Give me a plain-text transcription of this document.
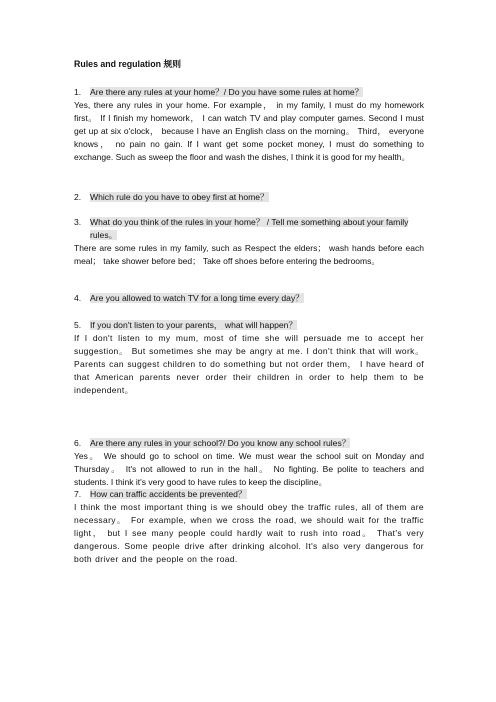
Rules and regulation 规则
1. Are there any rules at your home？/ Do you have some rules at home？
Yes, there any rules in your home. For example， in my family, I must do my homework first。 If I finish my homework， I can watch TV and play computer games. Second I must get up at six o'clock， because I have an English class on the morning。 Third， everyone knows， no pain no gain. If I want get some pocket money, I must do something to exchange. Such as sweep the floor and wash the dishes, I think it is good for my health。
2. Which rule do you have to obey first at home？
3. What do you think of the rules in your home？ / Tell me something about your family rules。
There are some rules in my family, such as Respect the elders； wash hands before each meal； take shower before bed； Take off shoes before entering the bedrooms。
4. Are you allowed to watch TV for a long time every day？
5. If you don't listen to your parents， what will happen？
If I don't listen to my mum, most of time she will persuade me to accept her suggestion。 But sometimes she may be angry at me. I don't think that will work。 Parents can suggest children to do something but not order them， I have heard of that American parents never order their children in order to help them to be independent。
6. Are there any rules in your school?/ Do you know any school rules？
Yes。 We should go to school on time. We must wear the school suit on Monday and Thursday。 It's not allowed to run in the hall。 No fighting. Be polite to teachers and students. I think it's very good to have rules to keep the discipline。
7. How can traffic accidents be prevented？
I think the most important thing is we should obey the traffic rules, all of them are necessary。 For example, when we cross the road, we should wait for the traffic light， but I see many people could hardly wait to rush into road。 That's very dangerous. Some people drive after drinking alcohol. It's also very dangerous for both driver and the people on the road.
